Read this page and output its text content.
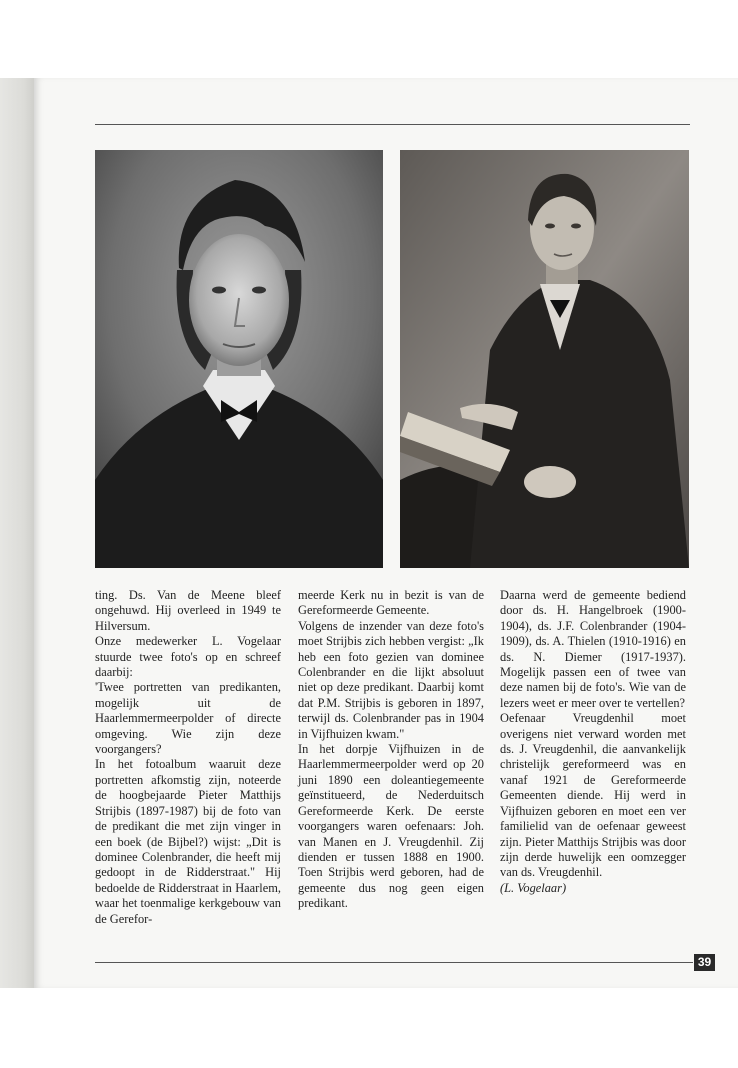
ting. Ds. Van de Meene bleef ongehuwd. Hij overleed in 1949 te Hilversum.

Onze medewerker L. Vogelaar stuurde twee foto's op en schreef daarbij:

'Twee portretten van predikanten, mogelijk uit de Haarlemmermeerpolder of directe omgeving. Wie zijn deze voorgangers?

In het fotoalbum waaruit deze portretten afkomstig zijn, noteerde de hoogbejaarde Pieter Matthijs Strijbis (1897-1987) bij de foto van de predikant die met zijn vinger in een boek (de Bijbel?) wijst: „Dit is dominee Colenbrander, die heeft mij gedoopt in de Ridderstraat." Hij bedoelde de Ridderstraat in Haarlem, waar het toenmalige kerkgebouw van de Gerefor-

meerde Kerk nu in bezit is van de Gereformeerde Gemeente.

Volgens de inzender van deze foto's moet Strijbis zich hebben vergist: „Ik heb een foto gezien van dominee Colenbrander en die lijkt absoluut niet op deze predikant. Daarbij komt dat P.M. Strijbis is geboren in 1897, terwijl ds. Colenbrander pas in 1904 in Vijfhuizen kwam."

In het dorpje Vijfhuizen in de Haarlemmermeerpolder werd op 20 juni 1890 een doleantiegemeente geïnstitueerd, de Nederduitsch Gereformeerde Kerk. De eerste voorgangers waren oefenaars: Joh. van Manen en J. Vreugdenhil. Zij dienden er tussen 1888 en 1900. Toen Strijbis werd geboren, had de gemeente dus nog geen eigen predikant.

Daarna werd de gemeente bediend door ds. H. Hangelbroek (1900-1904), ds. J.F. Colenbrander (1904-1909), ds. A. Thielen (1910-1916) en ds. N. Diemer (1917-1937). Mogelijk passen een of twee van deze namen bij de foto's. Wie van de lezers weet er meer over te vertellen?

Oefenaar Vreugdenhil moet overigens niet verward worden met ds. J. Vreugdenhil, die aanvankelijk christelijk gereformeerd was en vanaf 1921 de Gereformeerde Gemeenten diende. Hij werd in Vijfhuizen geboren en moet een ver familielid van de oefenaar geweest zijn. Pieter Matthijs Strijbis was door zijn derde huwelijk een oomzegger van ds. Vreugdenhil.

(L. Vogelaar)

39
